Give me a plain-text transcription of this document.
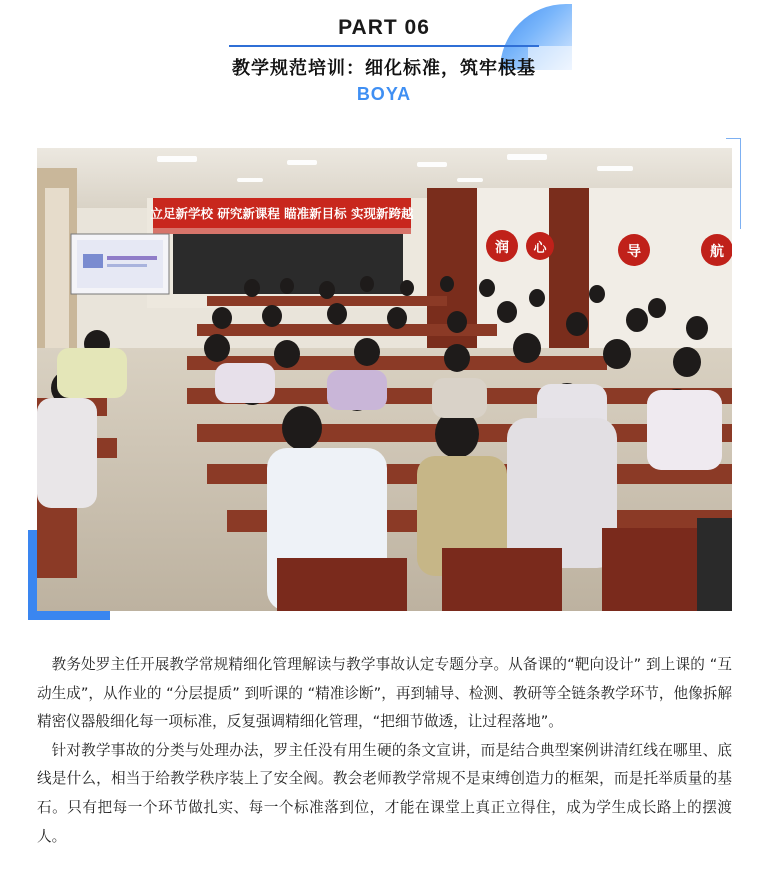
PART 06
教学规范培训：细化标准，筑牢根基
BOYA
立足新学校 研究新课程 瞄准新目标 实现新跨越
润 心	导	航

教务处罗主任开展教学常规精细化管理解读与教学事故认定专题分享。从备课的“靶向设计” 到上课的 “互动生成”，从作业的 “分层提质” 到听课的 “精准诊断”，再到辅导、检测、教研等全链条教学环节，他像拆解精密仪器般细化每一项标准，反复强调精细化管理，“把细节做透，让过程落地”。

针对教学事故的分类与处理办法，罗主任没有用生硬的条文宣讲，而是结合典型案例讲清红线在哪里、底线是什么，相当于给教学秩序装上了安全阀。教会老师教学常规不是束缚创造力的框架，而是托举质量的基石。只有把每一个环节做扎实、每一个标准落到位，才能在课堂上真正立得住，成为学生成长路上的摆渡人。
